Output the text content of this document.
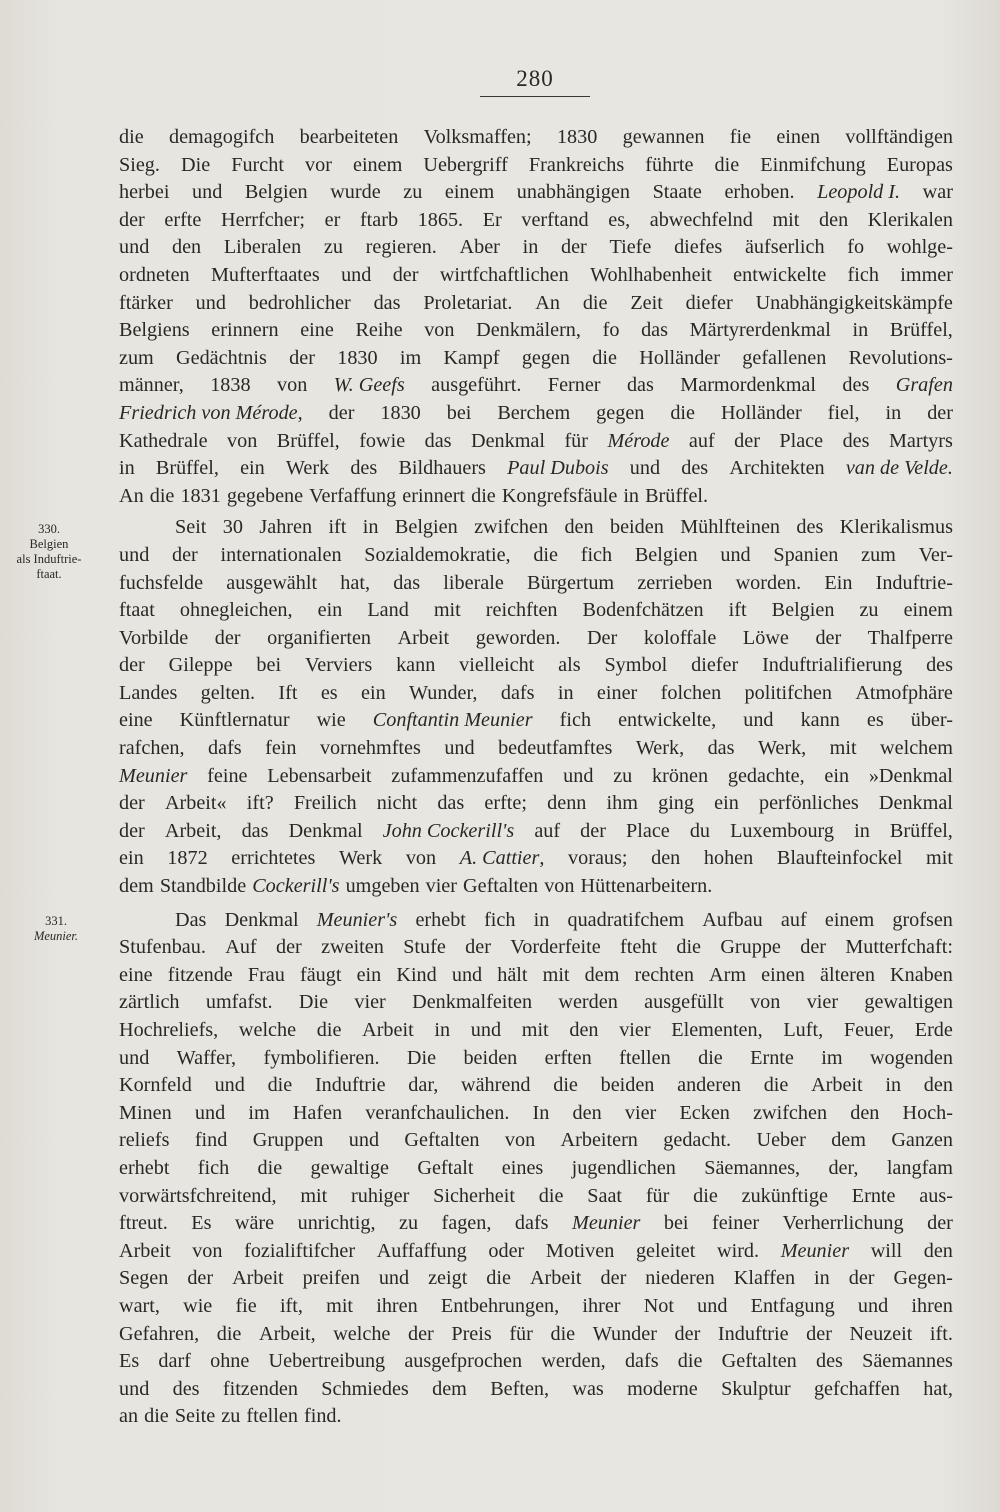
280
330.
Belgien
als Induftrie-
ftaat.
331.
Meunier.
die demagogifch bearbeiteten Volksmaffen; 1830 gewannen fie einen vollftändigen
Sieg. Die Furcht vor einem Uebergriff Frankreichs führte die Einmifchung Europas
herbei und Belgien wurde zu einem unabhängigen Staate erhoben. Leopold I. war
der erfte Herrfcher; er ftarb 1865. Er verftand es, abwechfelnd mit den Klerikalen
und den Liberalen zu regieren. Aber in der Tiefe diefes äufserlich fo wohlge-
ordneten Mufterftaates und der wirtfchaftlichen Wohlhabenheit entwickelte fich immer
ftärker und bedrohlicher das Proletariat. An die Zeit diefer Unabhängigkeitskämpfe
Belgiens erinnern eine Reihe von Denkmälern, fo das Märtyrerdenkmal in Brüffel,
zum Gedächtnis der 1830 im Kampf gegen die Holländer gefallenen Revolutions-
männer, 1838 von W. Geefs ausgeführt. Ferner das Marmordenkmal des Grafen
Friedrich von Mérode, der 1830 bei Berchem gegen die Holländer fiel, in der
Kathedrale von Brüffel, fowie das Denkmal für Mérode auf der Place des Martyrs
in Brüffel, ein Werk des Bildhauers Paul Dubois und des Architekten van de Velde.
An die 1831 gegebene Verfaffung erinnert die Kongrefsfäule in Brüffel.
Seit 30 Jahren ift in Belgien zwifchen den beiden Mühlfteinen des Klerikalismus
und der internationalen Sozialdemokratie, die fich Belgien und Spanien zum Ver-
fuchsfelde ausgewählt hat, das liberale Bürgertum zerrieben worden. Ein Induftrie-
ftaat ohnegleichen, ein Land mit reichften Bodenfchätzen ift Belgien zu einem
Vorbilde der organifierten Arbeit geworden. Der koloffale Löwe der Thalfperre
der Gileppe bei Verviers kann vielleicht als Symbol diefer Induftrialifierung des
Landes gelten. Ift es ein Wunder, dafs in einer folchen politifchen Atmofphäre
eine Künftlernatur wie Conftantin Meunier fich entwickelte, und kann es über-
rafchen, dafs fein vornehmftes und bedeutfamftes Werk, das Werk, mit welchem
Meunier feine Lebensarbeit zufammenzufaffen und zu krönen gedachte, ein »Denkmal
der Arbeit« ift? Freilich nicht das erfte; denn ihm ging ein perfönliches Denkmal
der Arbeit, das Denkmal John Cockerill's auf der Place du Luxembourg in Brüffel,
ein 1872 errichtetes Werk von A. Cattier, voraus; den hohen Blaufteinfockel mit
dem Standbilde Cockerill's umgeben vier Geftalten von Hüttenarbeitern.
Das Denkmal Meunier's erhebt fich in quadratifchem Aufbau auf einem grofsen
Stufenbau. Auf der zweiten Stufe der Vorderfeite fteht die Gruppe der Mutterfchaft:
eine fitzende Frau fäugt ein Kind und hält mit dem rechten Arm einen älteren Knaben
zärtlich umfafst. Die vier Denkmalfeiten werden ausgefüllt von vier gewaltigen
Hochreliefs, welche die Arbeit in und mit den vier Elementen, Luft, Feuer, Erde
und Waffer, fymbolifieren. Die beiden erften ftellen die Ernte im wogenden
Kornfeld und die Induftrie dar, während die beiden anderen die Arbeit in den
Minen und im Hafen veranfchaulichen. In den vier Ecken zwifchen den Hoch-
reliefs find Gruppen und Geftalten von Arbeitern gedacht. Ueber dem Ganzen
erhebt fich die gewaltige Geftalt eines jugendlichen Säemannes, der, langfam
vorwärtsfchreitend, mit ruhiger Sicherheit die Saat für die zukünftige Ernte aus-
ftreut. Es wäre unrichtig, zu fagen, dafs Meunier bei feiner Verherrlichung der
Arbeit von fozialiftifcher Auffaffung oder Motiven geleitet wird. Meunier will den
Segen der Arbeit preifen und zeigt die Arbeit der niederen Klaffen in der Gegen-
wart, wie fie ift, mit ihren Entbehrungen, ihrer Not und Entfagung und ihren
Gefahren, die Arbeit, welche der Preis für die Wunder der Induftrie der Neuzeit ift.
Es darf ohne Uebertreibung ausgefprochen werden, dafs die Geftalten des Säemannes
und des fitzenden Schmiedes dem Beften, was moderne Skulptur gefchaffen hat,
an die Seite zu ftellen find.
